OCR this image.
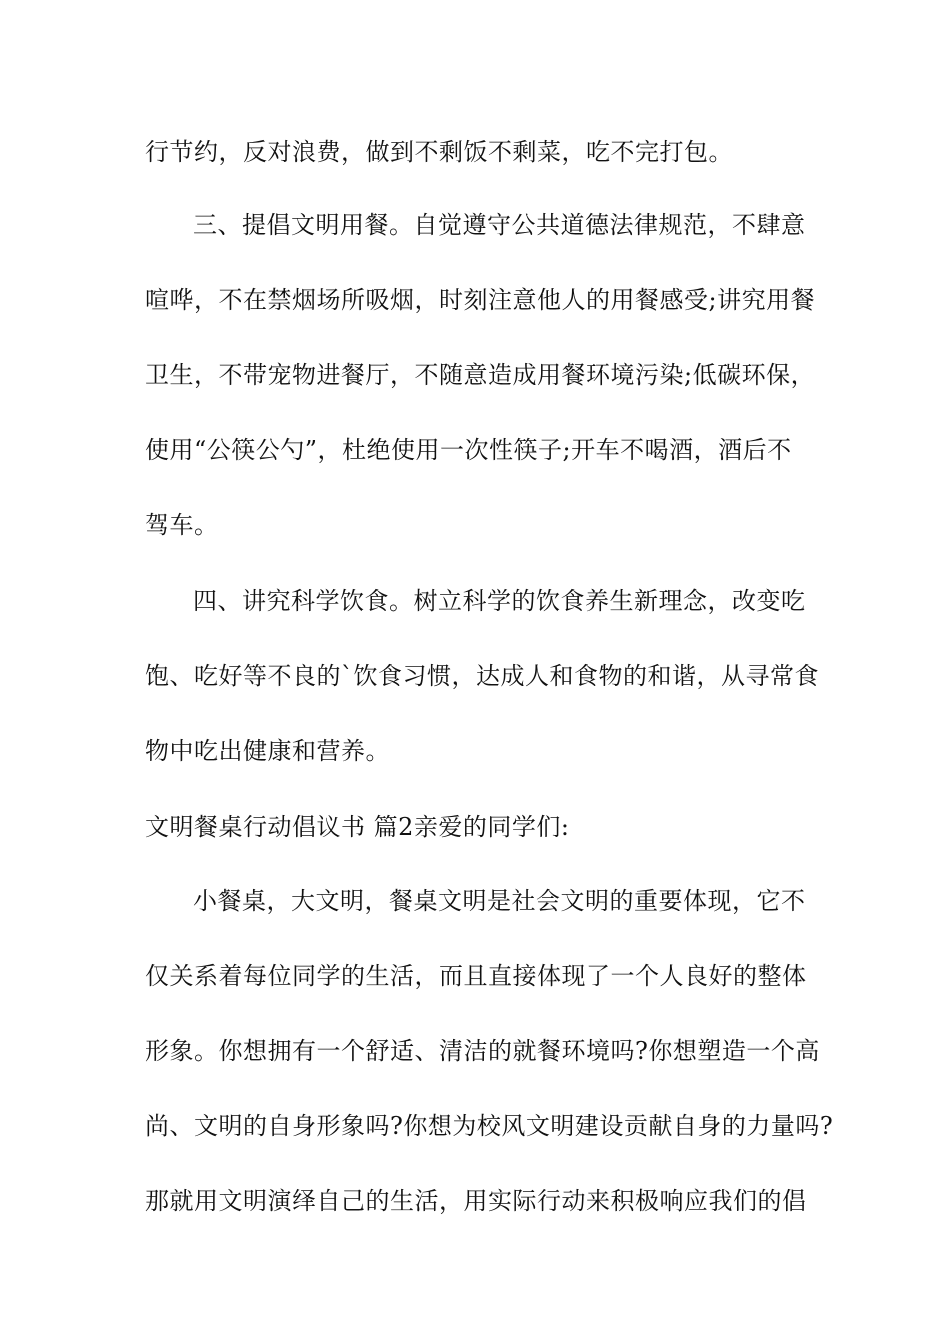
行节约，反对浪费，做到不剩饭不剩菜，吃不完打包。
三、提倡文明用餐。自觉遵守公共道德法律规范，不肆意
喧哗，不在禁烟场所吸烟，时刻注意他人的用餐感受;讲究用餐
卫生，不带宠物进餐厅，不随意造成用餐环境污染;低碳环保，
使用“公筷公勺”，杜绝使用一次性筷子;开车不喝酒，酒后不
驾车。
四、讲究科学饮食。树立科学的饮食养生新理念，改变吃
饱、吃好等不良的`饮食习惯，达成人和食物的和谐，从寻常食
物中吃出健康和营养。
文明餐桌行动倡议书 篇2亲爱的同学们:
小餐桌，大文明，餐桌文明是社会文明的重要体现，它不
仅关系着每位同学的生活，而且直接体现了一个人良好的整体
形象。你想拥有一个舒适、清洁的就餐环境吗?你想塑造一个高
尚、文明的自身形象吗?你想为校风文明建设贡献自身的力量吗?
那就用文明演绎自己的生活，用实际行动来积极响应我们的倡
